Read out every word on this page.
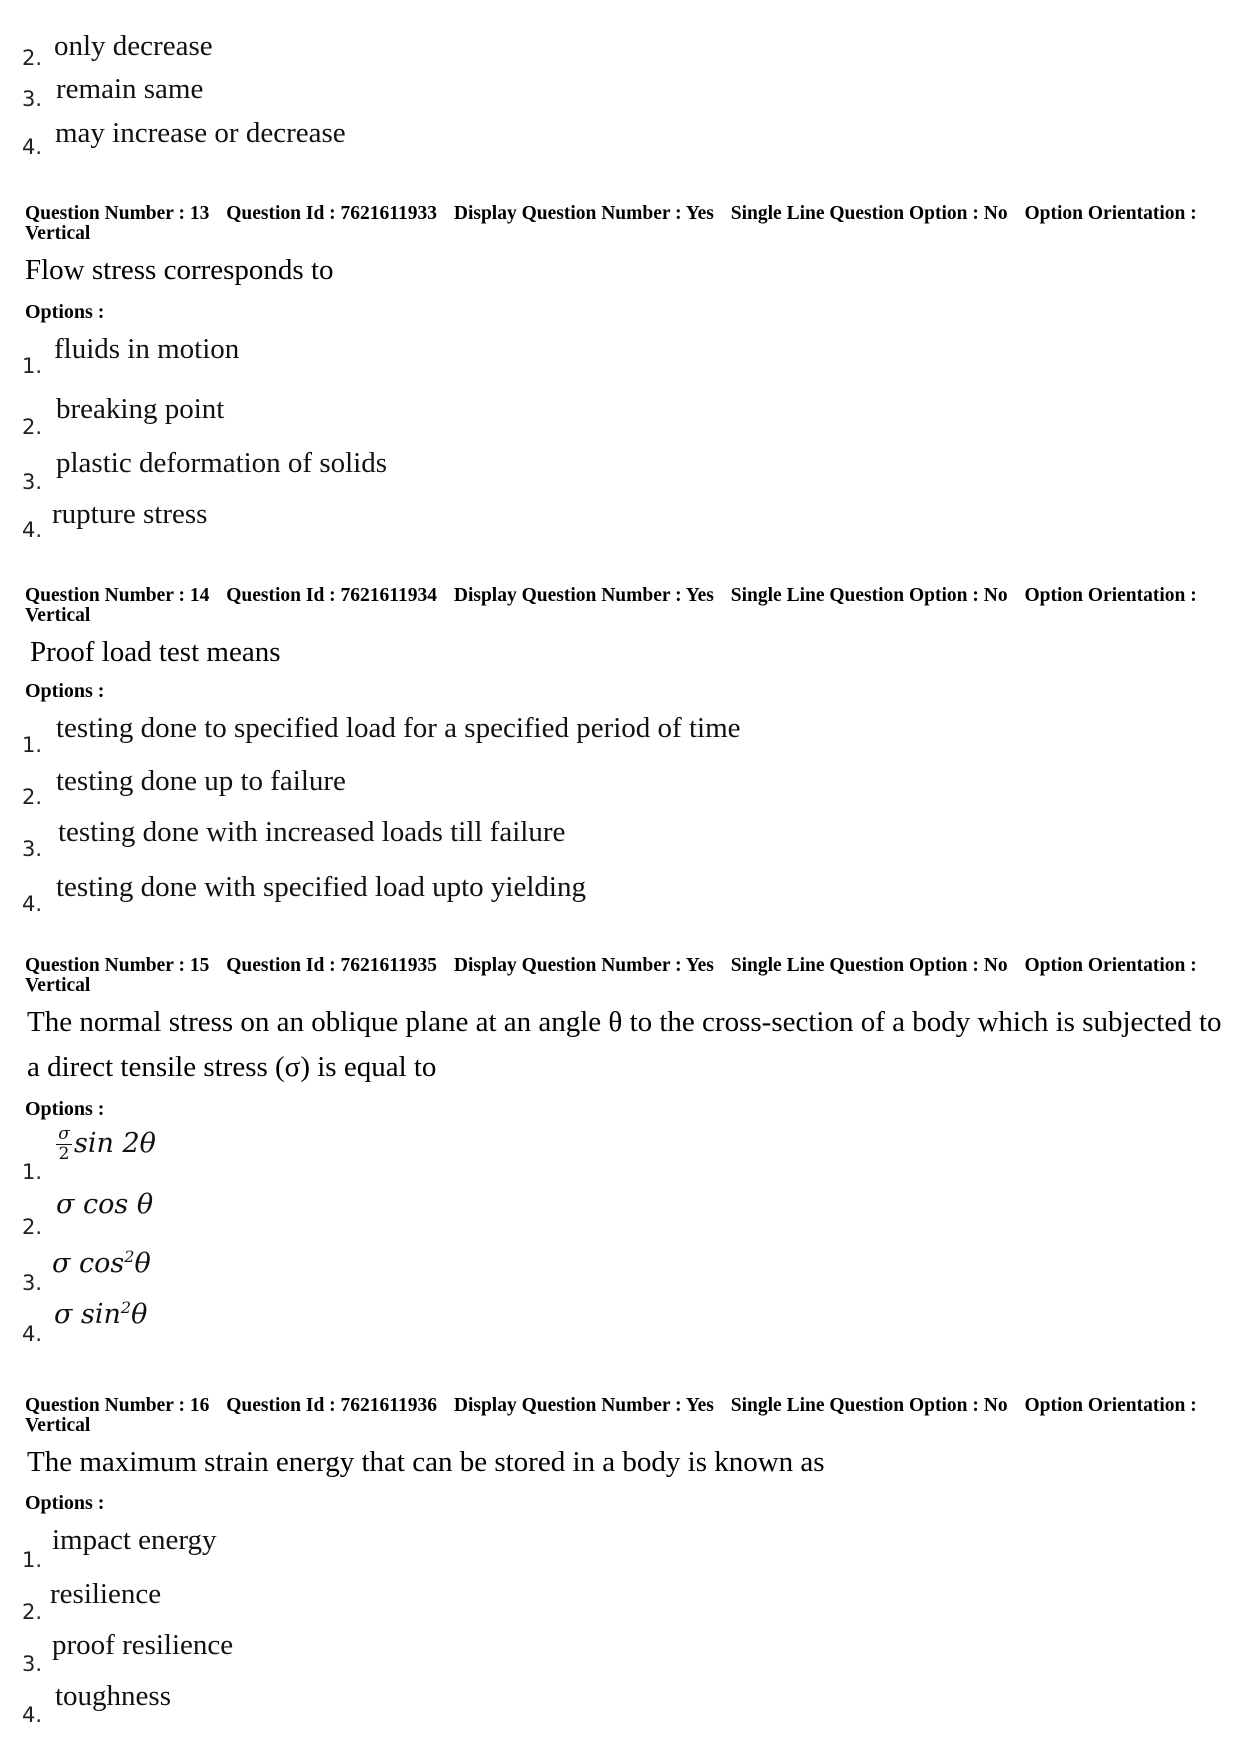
2. only decrease
3. remain same
4. may increase or decrease
Question Number : 13 Question Id : 7621611933 Display Question Number : Yes Single Line Question Option : No Option Orientation : Vertical
Flow stress corresponds to
Options :
1.
fluids in motion
2.
breaking point
3.
plastic deformation of solids
4. rupture stress
Question Number : 14 Question Id : 7621611934 Display Question Number : Yes Single Line Question Option : No Option Orientation : Vertical
Proof load test means
Options :
1.
testing done to specified load for a specified period of time
2. testing done up to failure
3.
testing done with increased loads till failure
4.
testing done with specified load upto yielding
Question Number : 15 Question Id : 7621611935 Display Question Number : Yes Single Line Question Option : No Option Orientation : Vertical
The normal stress on an oblique plane at an angle θ to the cross-section of a body which is subjected to a direct tensile stress (σ) is equal to
Options :
1.
$\frac{\sigma}{2}$ sin 2θ
2.
σ cos θ
3.
σ $\cos^2\theta$
4.
σ $\sin^2\theta$
Question Number : 16 Question Id : 7621611936 Display Question Number : Yes Single Line Question Option : No Option Orientation : Vertical
The maximum strain energy that can be stored in a body is known as
Options :
1.
impact energy
2.
resilience
3.
proof resilience
4.
toughness
